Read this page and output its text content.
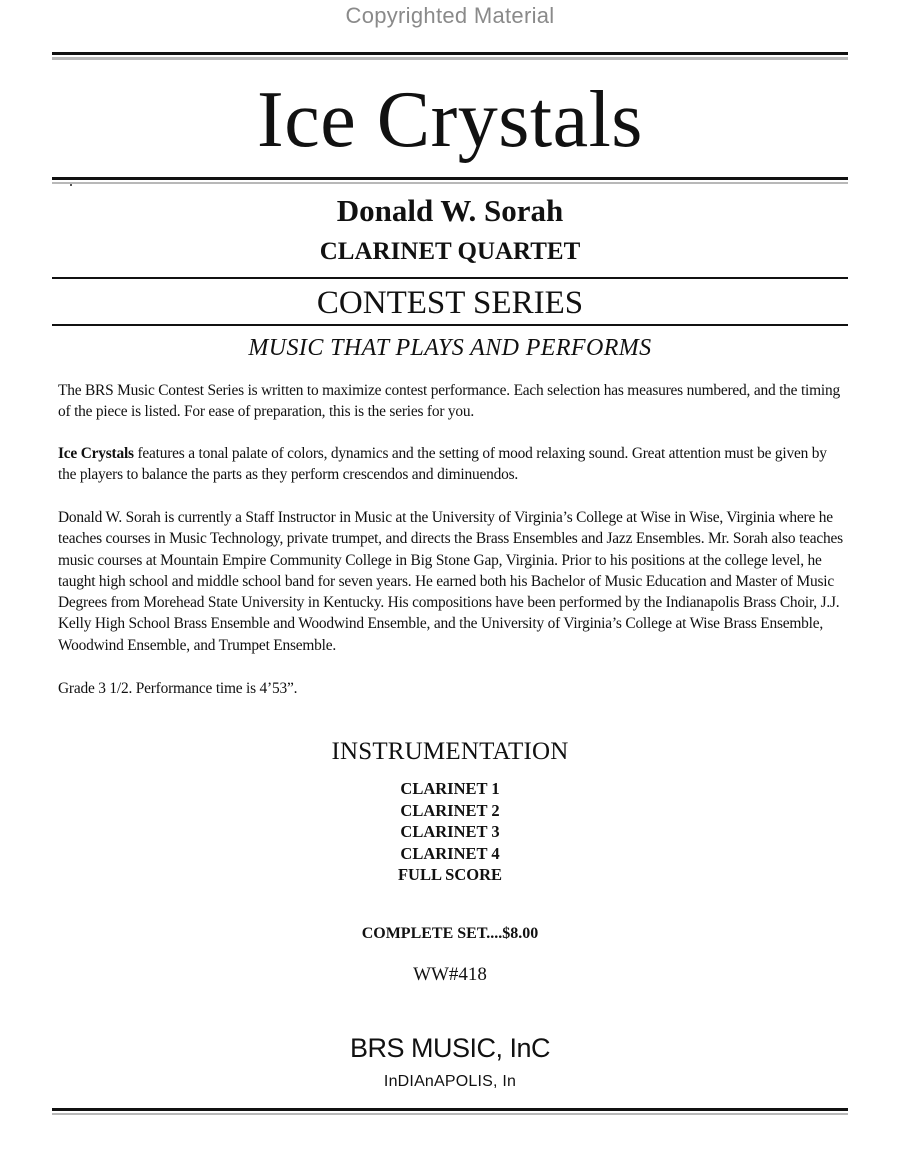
Copyrighted Material
Ice Crystals
Donald W. Sorah
CLARINET QUARTET
CONTEST SERIES
MUSIC THAT PLAYS AND PERFORMS

The BRS Music Contest Series is written to maximize contest performance. Each selection has measures numbered, and the timing of the piece is listed. For ease of preparation, this is the series for you.

Ice Crystals features a tonal palate of colors, dynamics and the setting of mood relaxing sound. Great attention must be given by the players to balance the parts as they perform crescendos and diminuendos.

Donald W. Sorah is currently a Staff Instructor in Music at the University of Virginia’s College at Wise in Wise, Virginia where he teaches courses in Music Technology, private trumpet, and directs the Brass Ensembles and Jazz Ensembles. Mr. Sorah also teaches music courses at Mountain Empire Community College in Big Stone Gap, Virginia. Prior to his positions at the college level, he taught high school and middle school band for seven years. He earned both his Bachelor of Music Education and Master of Music Degrees from Morehead State University in Kentucky. His compositions have been performed by the Indianapolis Brass Choir, J.J. Kelly High School Brass Ensemble and Woodwind Ensemble, and the University of Virginia’s College at Wise Brass Ensemble, Woodwind Ensemble, and Trumpet Ensemble.

Grade 3 1/2. Performance time is 4’53”.

INSTRUMENTATION
CLARINET 1
CLARINET 2
CLARINET 3
CLARINET 4
FULL SCORE
COMPLETE SET....$8.00
WW#418
BRS MUSIC, InC
InDIAnAPOLIS, In
